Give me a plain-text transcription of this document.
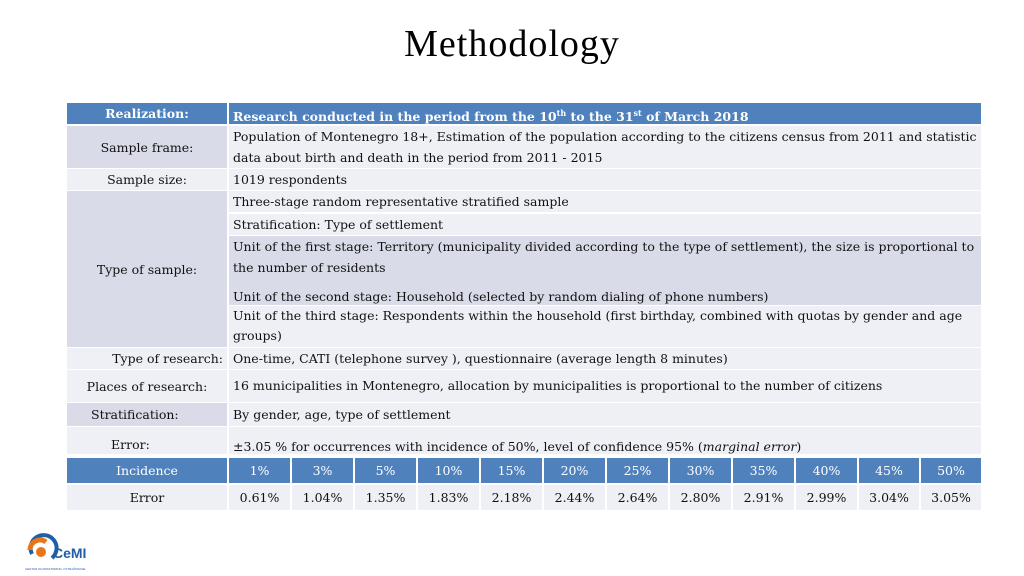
Methodology
Realization:	Research conducted in the period from the 10th to the 31st of March 2018
Sample frame:
Population of Montenegro 18+, Estimation of the population according to the citizens census from 2011 and statistic data about birth and death in the period from 2011 - 2015
Sample size:	1019 respondents
Type of sample:
Three-stage random representative stratified sample
Stratification: Type of settlement
Unit of the first stage: Territory (municipality divided according to the type of settlement), the size is proportional to the number of residents
Unit of the second stage: Household (selected by random dialing of phone numbers)
Unit of the third stage: Respondents within the household (first birthday, combined with quotas by gender and age groups)
Type of research: One-time, CATI (telephone survey ), questionnaire (average length 8 minutes)
Places of research:	16 municipalities in Montenegro, allocation by municipalities is proportional to the number of citizens
Stratification:	By gender, age, type of settlement
Error:	±3.05 % for occurrences with incidence of 50%, level of confidence 95% (marginal error)
Incidence	1%	3%	5%	10%	15%	20%	25%	30%	35%	40%	45%	50%
Error	0.61%	1.04%	1.35%	1.83%	2.18%	2.44%	2.64%	2.80%	2.91%	2.99%	3.04%	3.05%
CeMI
CENTAR ZA MONITORING I ISTRAŽIVANJE
